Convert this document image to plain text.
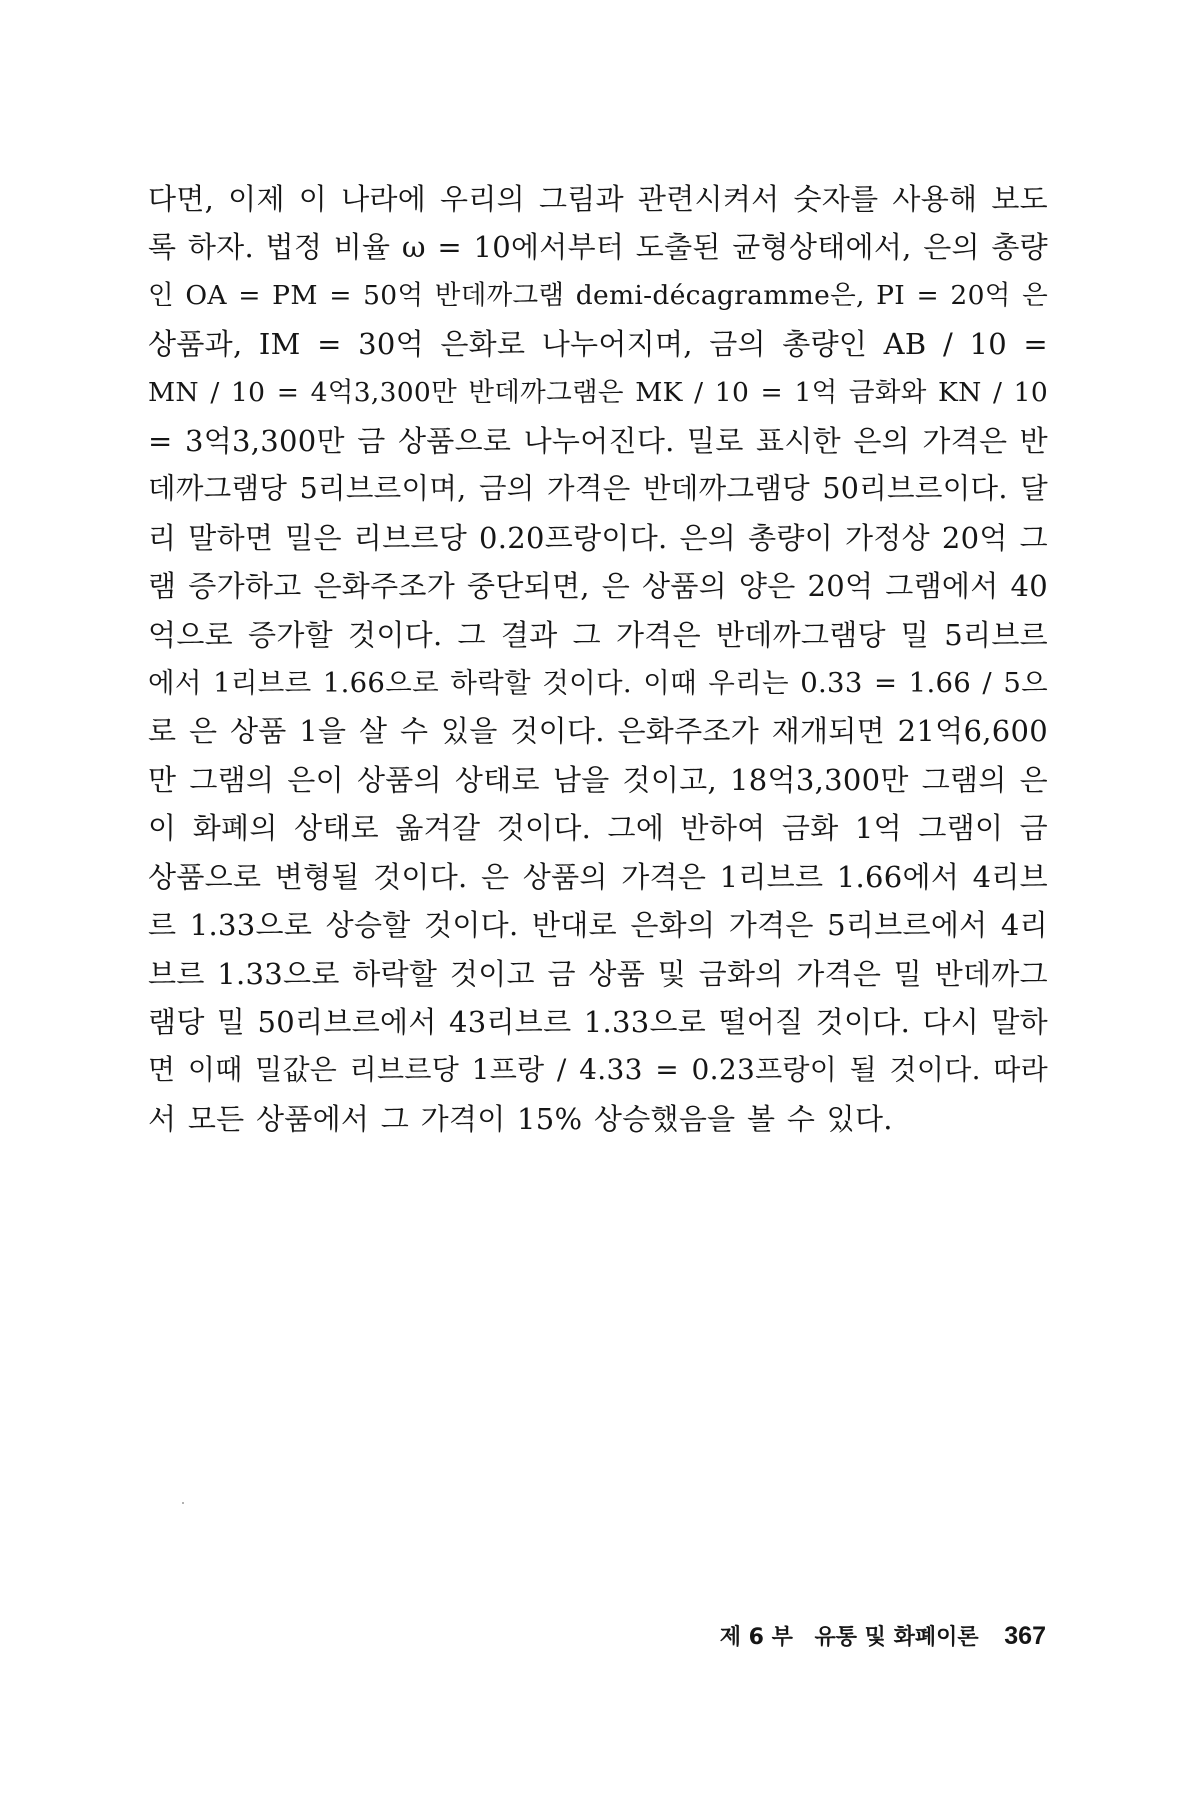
다면, 이제 이 나라에 우리의 그림과 관련시켜서 숫자를 사용해 보도
록 하자. 법정 비율 ω = 10에서부터 도출된 균형상태에서, 은의 총량
인 OA = PM = 50억 반데까그램 demi-décagramme은, PI = 20억 은
상품과, IM = 30억 은화로 나누어지며, 금의 총량인 AB / 10 =
MN / 10 = 4억3,300만 반데까그램은 MK / 10 = 1억 금화와 KN / 10
= 3억3,300만 금 상품으로 나누어진다. 밀로 표시한 은의 가격은 반
데까그램당 5리브르이며, 금의 가격은 반데까그램당 50리브르이다. 달
리 말하면 밀은 리브르당 0.20프랑이다. 은의 총량이 가정상 20억 그
램 증가하고 은화주조가 중단되면, 은 상품의 양은 20억 그램에서 40
억으로 증가할 것이다. 그 결과 그 가격은 반데까그램당 밀 5리브르
에서 1리브르 1.66으로 하락할 것이다. 이때 우리는 0.33 = 1.66 / 5으
로 은 상품 1을 살 수 있을 것이다. 은화주조가 재개되면 21억6,600
만 그램의 은이 상품의 상태로 남을 것이고, 18억3,300만 그램의 은
이 화폐의 상태로 옮겨갈 것이다. 그에 반하여 금화 1억 그램이 금
상품으로 변형될 것이다. 은 상품의 가격은 1리브르 1.66에서 4리브
르 1.33으로 상승할 것이다. 반대로 은화의 가격은 5리브르에서 4리
브르 1.33으로 하락할 것이고 금 상품 및 금화의 가격은 밀 반데까그
램당 밀 50리브르에서 43리브르 1.33으로 떨어질 것이다. 다시 말하
면 이때 밀값은 리브르당 1프랑 / 4.33 = 0.23프랑이 될 것이다. 따라
서 모든 상품에서 그 가격이 15% 상승했음을 볼 수 있다.
제 6 부 유통 및 화폐이론 367
